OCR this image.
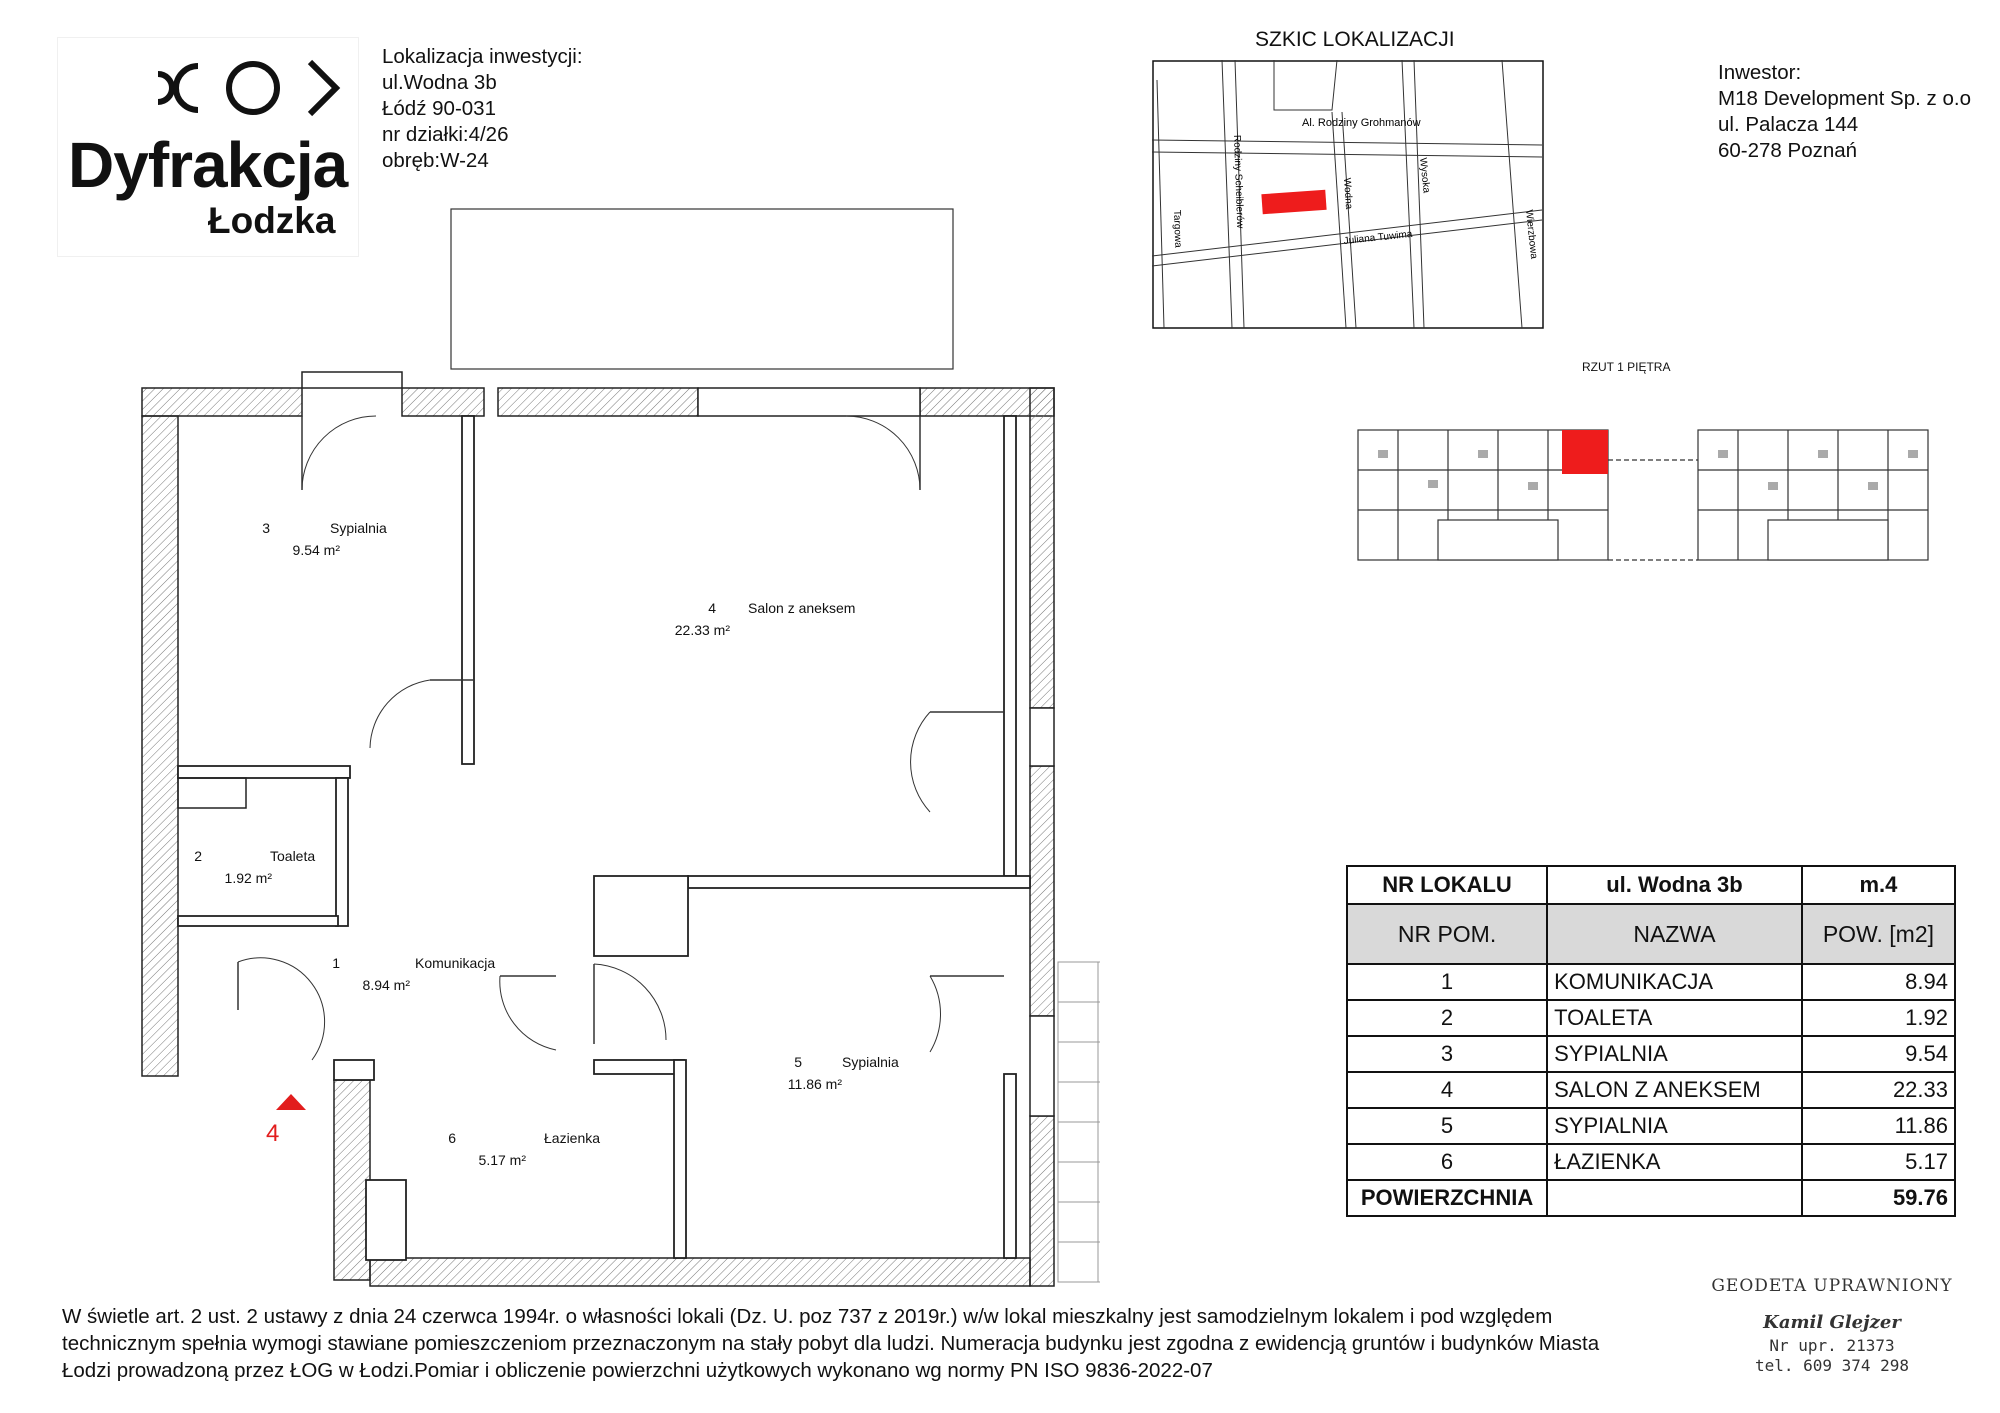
Dyfrakcja
Łodzka
Lokalizacja inwestycji:
ul.Wodna 3b
Łódź 90-031
nr działki:4/26
obręb:W-24
Inwestor:
M18 Development Sp. z o.o
ul. Palacza 144
60-278 Poznań
SZKIC LOKALIZACJI
Al. Rodziny Grohmanów
Rodziny Scheiblerów
Targowa
Wodna	Wysoka
Juliana Tuwima	Wierzbowa
RZUT 1 PIĘTRA
4
3	Sypialnia
9.54 m²
4 Salon z aneksem
22.33 m²
2	Toaleta
1.92 m²
1	Komunikacja
8.94 m²
5	Sypialnia
11.86 m²
6	Łazienka
5.17 m²
NR LOKALU	ul. Wodna 3b	m.4
NR POM.	NAZWA	POW. [m2]
1	KOMUNIKACJA	8.94
2	TOALETA	1.92
3	SYPIALNIA	9.54
4	SALON Z ANEKSEM	22.33
5	SYPIALNIA	11.86
6	ŁAZIENKA	5.17
POWIERZCHNIA		59.76
W świetle art. 2 ust. 2 ustawy z dnia 24 czerwca 1994r. o własności lokali (Dz. U. poz 737 z 2019r.) w/w lokal mieszkalny jest samodzielnym lokalem i pod względem
technicznym spełnia wymogi stawiane pomieszczeniom przeznaczonym na stały pobyt dla ludzi. Numeracja budynku jest zgodna z ewidencją gruntów i budynków Miasta
Łodzi prowadzoną przez ŁOG w Łodzi.Pomiar i obliczenie powierzchni użytkowych wykonano wg normy PN ISO 9836-2022-07
GEODETA UPRAWNIONY
Kamil Glejzer
Nr upr. 21373
tel. 609 374 298
